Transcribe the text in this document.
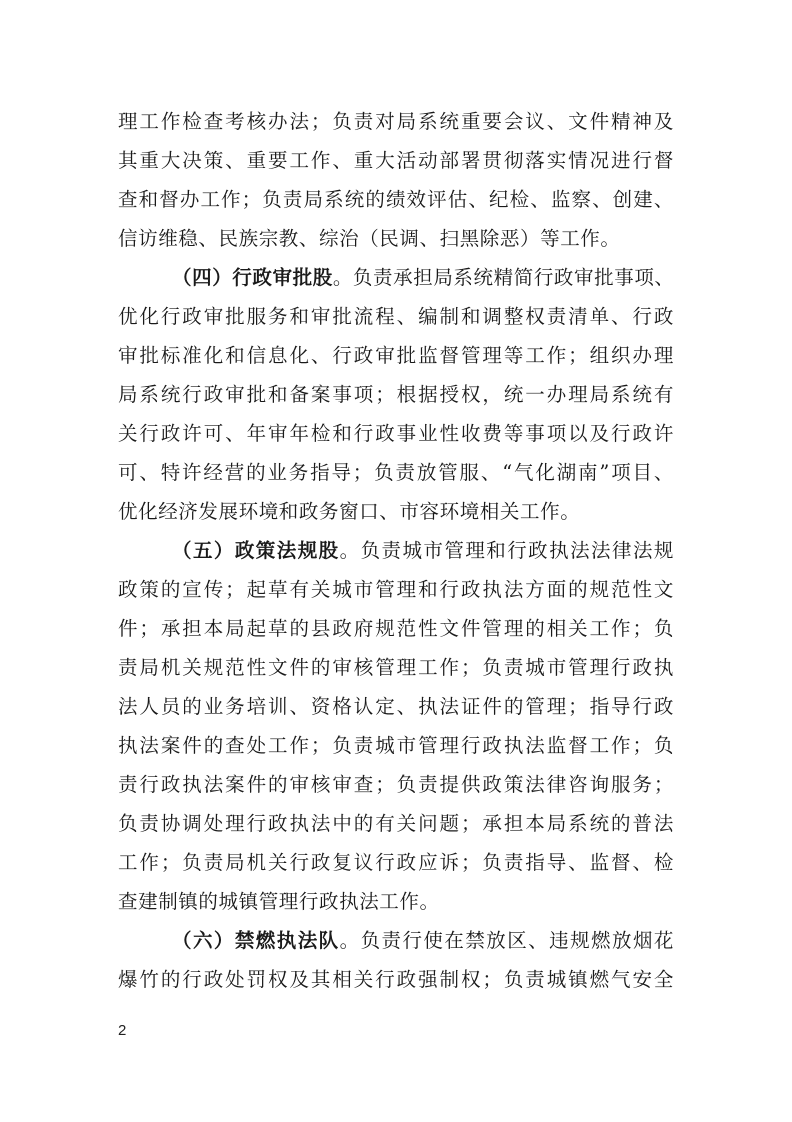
理工作检查考核办法；负责对局系统重要会议、文件精神及
其重大决策、重要工作、重大活动部署贯彻落实情况进行督
查和督办工作；负责局系统的绩效评估、纪检、监察、创建、
信访维稳、民族宗教、综治（民调、扫黑除恶）等工作。
（四）行政审批股。负责承担局系统精简行政审批事项、
优化行政审批服务和审批流程、编制和调整权责清单、行政
审批标准化和信息化、行政审批监督管理等工作；组织办理
局系统行政审批和备案事项；根据授权，统一办理局系统有
关行政许可、年审年检和行政事业性收费等事项以及行政许
可、特许经营的业务指导；负责放管服、“气化湖南”项目、
优化经济发展环境和政务窗口、市容环境相关工作。
（五）政策法规股。负责城市管理和行政执法法律法规
政策的宣传；起草有关城市管理和行政执法方面的规范性文
件；承担本局起草的县政府规范性文件管理的相关工作；负
责局机关规范性文件的审核管理工作；负责城市管理行政执
法人员的业务培训、资格认定、执法证件的管理；指导行政
执法案件的查处工作；负责城市管理行政执法监督工作；负
责行政执法案件的审核审查；负责提供政策法律咨询服务；
负责协调处理行政执法中的有关问题；承担本局系统的普法
工作；负责局机关行政复议行政应诉；负责指导、监督、检
查建制镇的城镇管理行政执法工作。
（六）禁燃执法队。负责行使在禁放区、违规燃放烟花
爆竹的行政处罚权及其相关行政强制权；负责城镇燃气安全
2
